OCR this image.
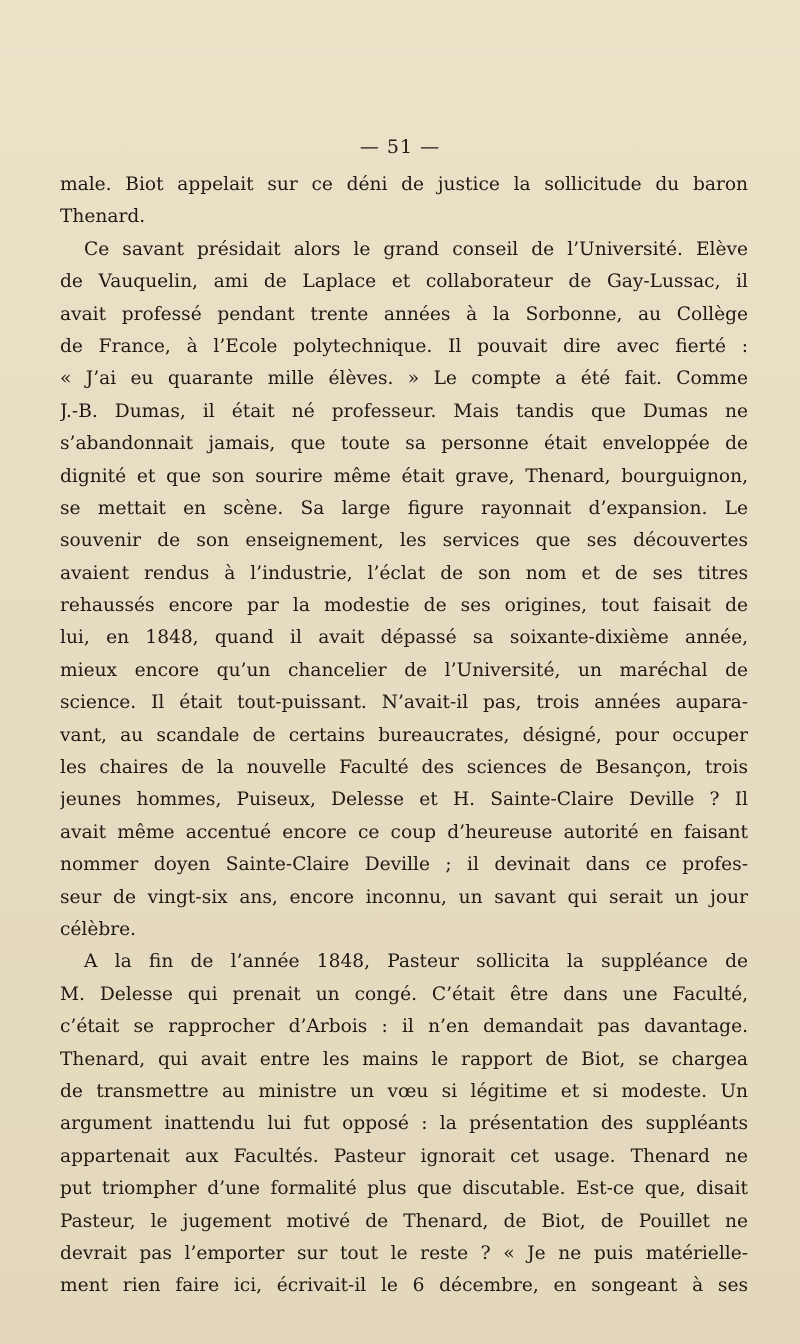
— 51 —
male. Biot appelait sur ce déni de justice la sollicitude du baron
Thenard.
Ce savant présidait alors le grand conseil de l’Université. Elève
de Vauquelin, ami de Laplace et collaborateur de Gay-Lussac, il
avait professé pendant trente années à la Sorbonne, au Collège
de France, à l’Ecole polytechnique. Il pouvait dire avec fierté :
« J’ai eu quarante mille élèves. » Le compte a été fait. Comme
J.-B. Dumas, il était né professeur. Mais tandis que Dumas ne
s’abandonnait jamais, que toute sa personne était enveloppée de
dignité et que son sourire même était grave, Thenard, bourguignon,
se mettait en scène. Sa large figure rayonnait d’expansion. Le
souvenir de son enseignement, les services que ses découvertes
avaient rendus à l’industrie, l’éclat de son nom et de ses titres
rehaussés encore par la modestie de ses origines, tout faisait de
lui, en 1848, quand il avait dépassé sa soixante-dixième année,
mieux encore qu’un chancelier de l’Université, un maréchal de
science. Il était tout-puissant. N’avait-il pas, trois années aupara-
vant, au scandale de certains bureaucrates, désigné, pour occuper
les chaires de la nouvelle Faculté des sciences de Besançon, trois
jeunes hommes, Puiseux, Delesse et H. Sainte-Claire Deville ? Il
avait même accentué encore ce coup d’heureuse autorité en faisant
nommer doyen Sainte-Claire Deville ; il devinait dans ce profes-
seur de vingt-six ans, encore inconnu, un savant qui serait un jour
célèbre.
A la fin de l’année 1848, Pasteur sollicita la suppléance de
M. Delesse qui prenait un congé. C’était être dans une Faculté,
c’était se rapprocher d’Arbois : il n’en demandait pas davantage.
Thenard, qui avait entre les mains le rapport de Biot, se chargea
de transmettre au ministre un vœu si légitime et si modeste. Un
argument inattendu lui fut opposé : la présentation des suppléants
appartenait aux Facultés. Pasteur ignorait cet usage. Thenard ne
put triompher d’une formalité plus que discutable. Est-ce que, disait
Pasteur, le jugement motivé de Thenard, de Biot, de Pouillet ne
devrait pas l’emporter sur tout le reste ? « Je ne puis matérielle-
ment rien faire ici, écrivait-il le 6 décembre, en songeant à ses
